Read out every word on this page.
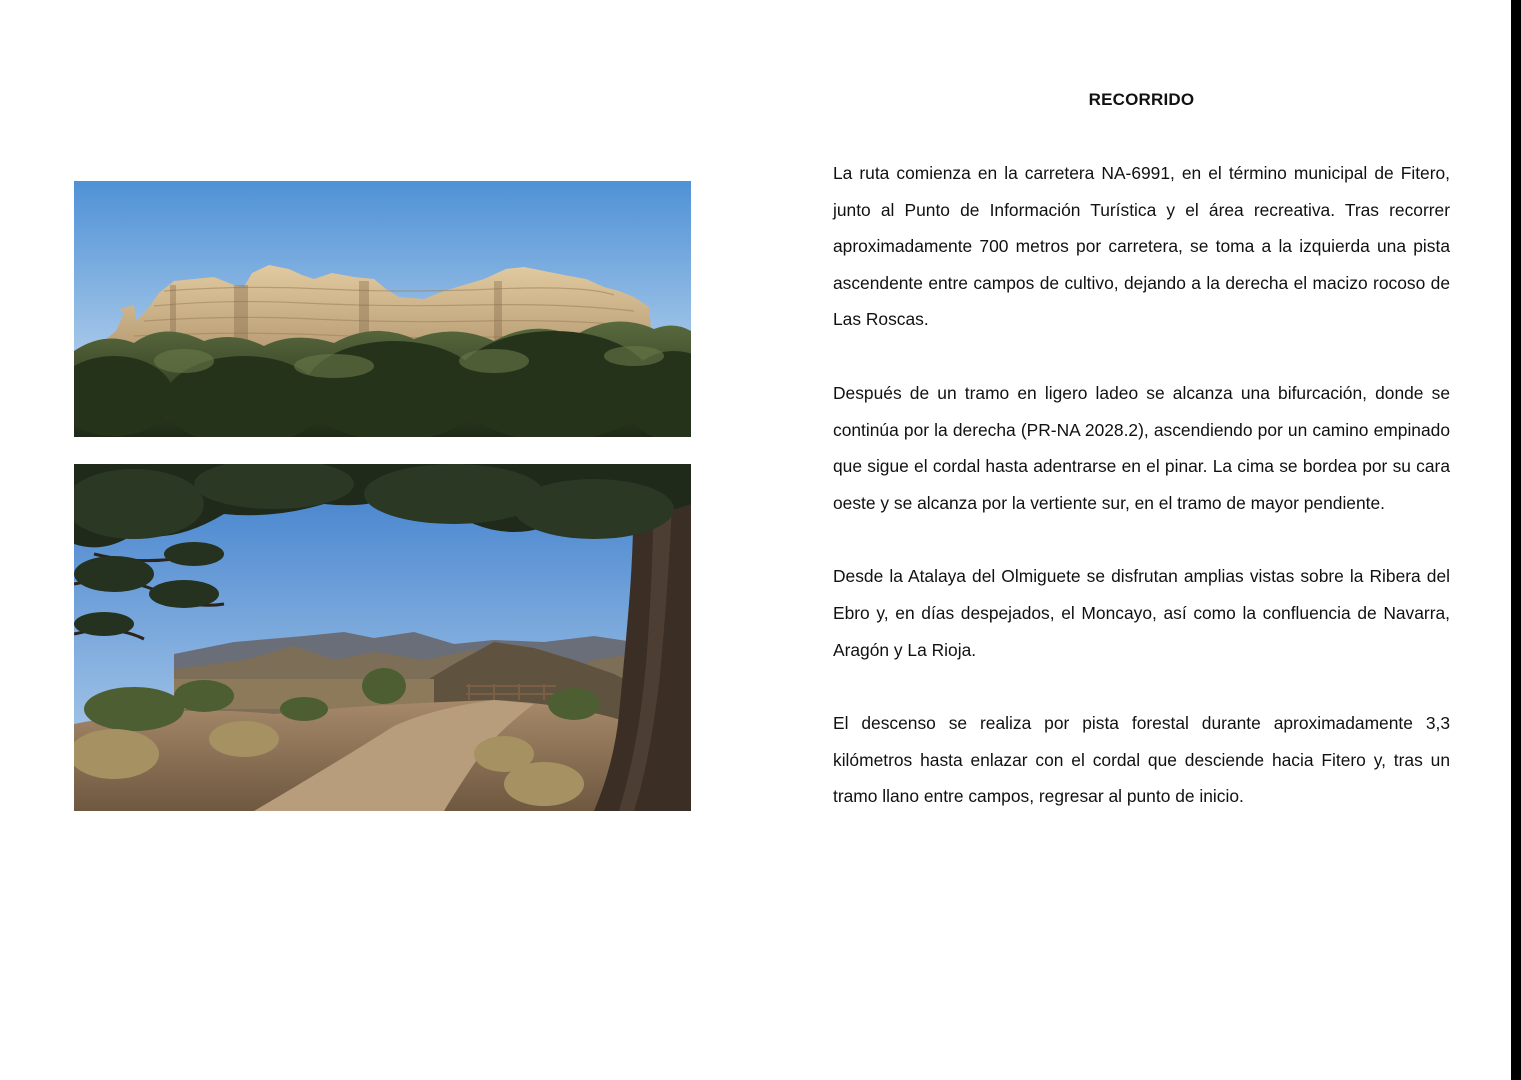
RECORRIDO

La ruta comienza en la carretera NA-6991, en el término municipal de Fitero, junto al Punto de Información Turística y el área recreativa. Tras recorrer aproximadamente 700 metros por carretera, se toma a la izquierda una pista ascendente entre campos de cultivo, dejando a la derecha el macizo rocoso de Las Roscas.

Después de un tramo en ligero ladeo se alcanza una bifurcación, donde se continúa por la derecha (PR-NA 2028.2), ascendiendo por un camino empinado que sigue el cordal hasta adentrarse en el pinar. La cima se bordea por su cara oeste y se alcanza por la vertiente sur, en el tramo de mayor pendiente.

Desde la Atalaya del Olmiguete se disfrutan amplias vistas sobre la Ribera del Ebro y, en días despejados, el Moncayo, así como la confluencia de Navarra, Aragón y La Rioja.

El descenso se realiza por pista forestal durante aproximadamente 3,3 kilómetros hasta enlazar con el cordal que desciende hacia Fitero y, tras un tramo llano entre campos, regresar al punto de inicio.
